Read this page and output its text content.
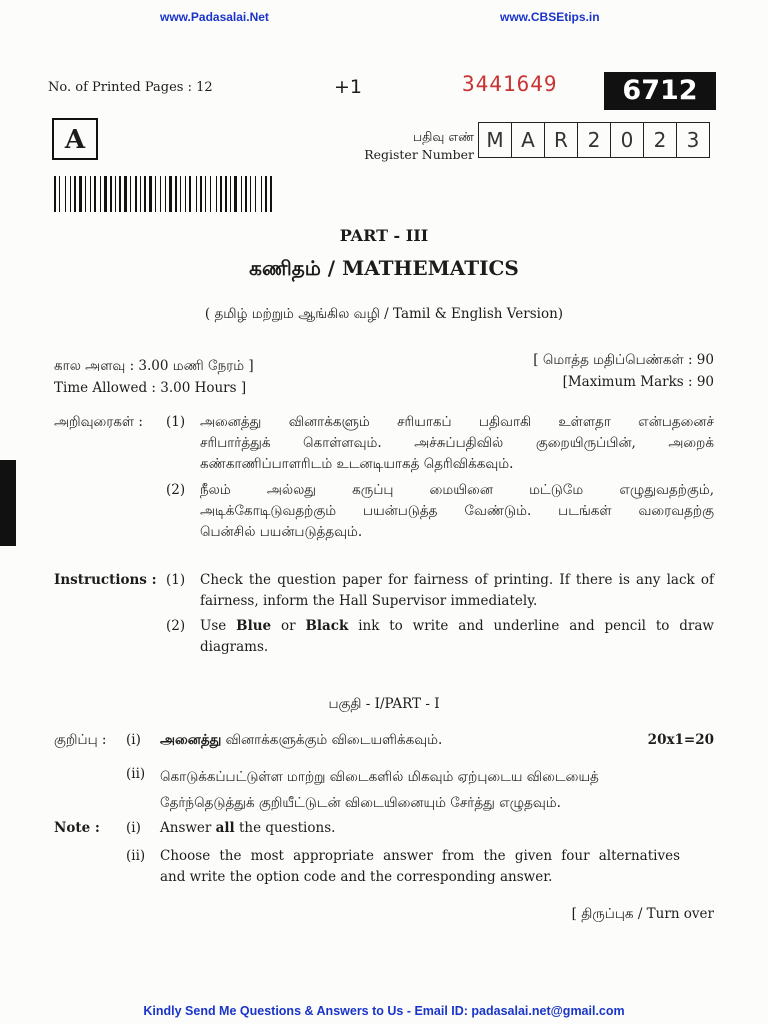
www.Padasalai.Net	www.CBSEtips.in
No. of Printed Pages : 12	+1	3441649	6712
A	பதிவு எண்
Register Number
M A R 2	0	2	3
PART - III
கணிதம் / MATHEMATICS
( தமிழ் மற்றும் ஆங்கில வழி / Tamil & English Version)
கால அளவு : 3.00 மணி நேரம் ]
Time Allowed : 3.00 Hours ]
[ மொத்த மதிப்பெண்கள் : 90
[Maximum Marks : 90
அறிவுரைகள் : (1) அனைத்து வினாக்களும் சரியாகப் பதிவாகி உள்ளதா என்பதனைச்
சரிபார்த்துக் கொள்ளவும். அச்சுப்பதிவில் குறையிருப்பின், அறைக்
கண்காணிப்பாளரிடம் உடனடியாகத் தெரிவிக்கவும்.
(2) நீலம் அல்லது கருப்பு மையினை மட்டுமே எழுதுவதற்கும்,
அடிக்கோடிடுவதற்கும் பயன்படுத்த வேண்டும். படங்கள் வரைவதற்கு
பென்சில் பயன்படுத்தவும்.
Instructions : (1) Check the question paper for fairness of printing. If there is any lack of
fairness, inform the Hall Supervisor immediately.
(2) Use Blue or Black ink to write and underline and pencil to draw
diagrams.
பகுதி - I/PART - I
குறிப்பு : (i) அனைத்து வினாக்களுக்கும் விடையளிக்கவும்.	20x1=20
(ii) கொடுக்கப்பட்டுள்ள மாற்று விடைகளில் மிகவும் ஏற்புடைய விடையைத்
தேர்ந்தெடுத்துக் குறியீட்டுடன் விடையினையும் சேர்த்து எழுதவும்.
Note : (i) Answer all the questions.
(ii) Choose the most appropriate answer from the given four alternatives
and write the option code and the corresponding answer.
[ திருப்புக / Turn over
Kindly Send Me Questions & Answers to Us - Email ID: padasalai.net@gmail.com
